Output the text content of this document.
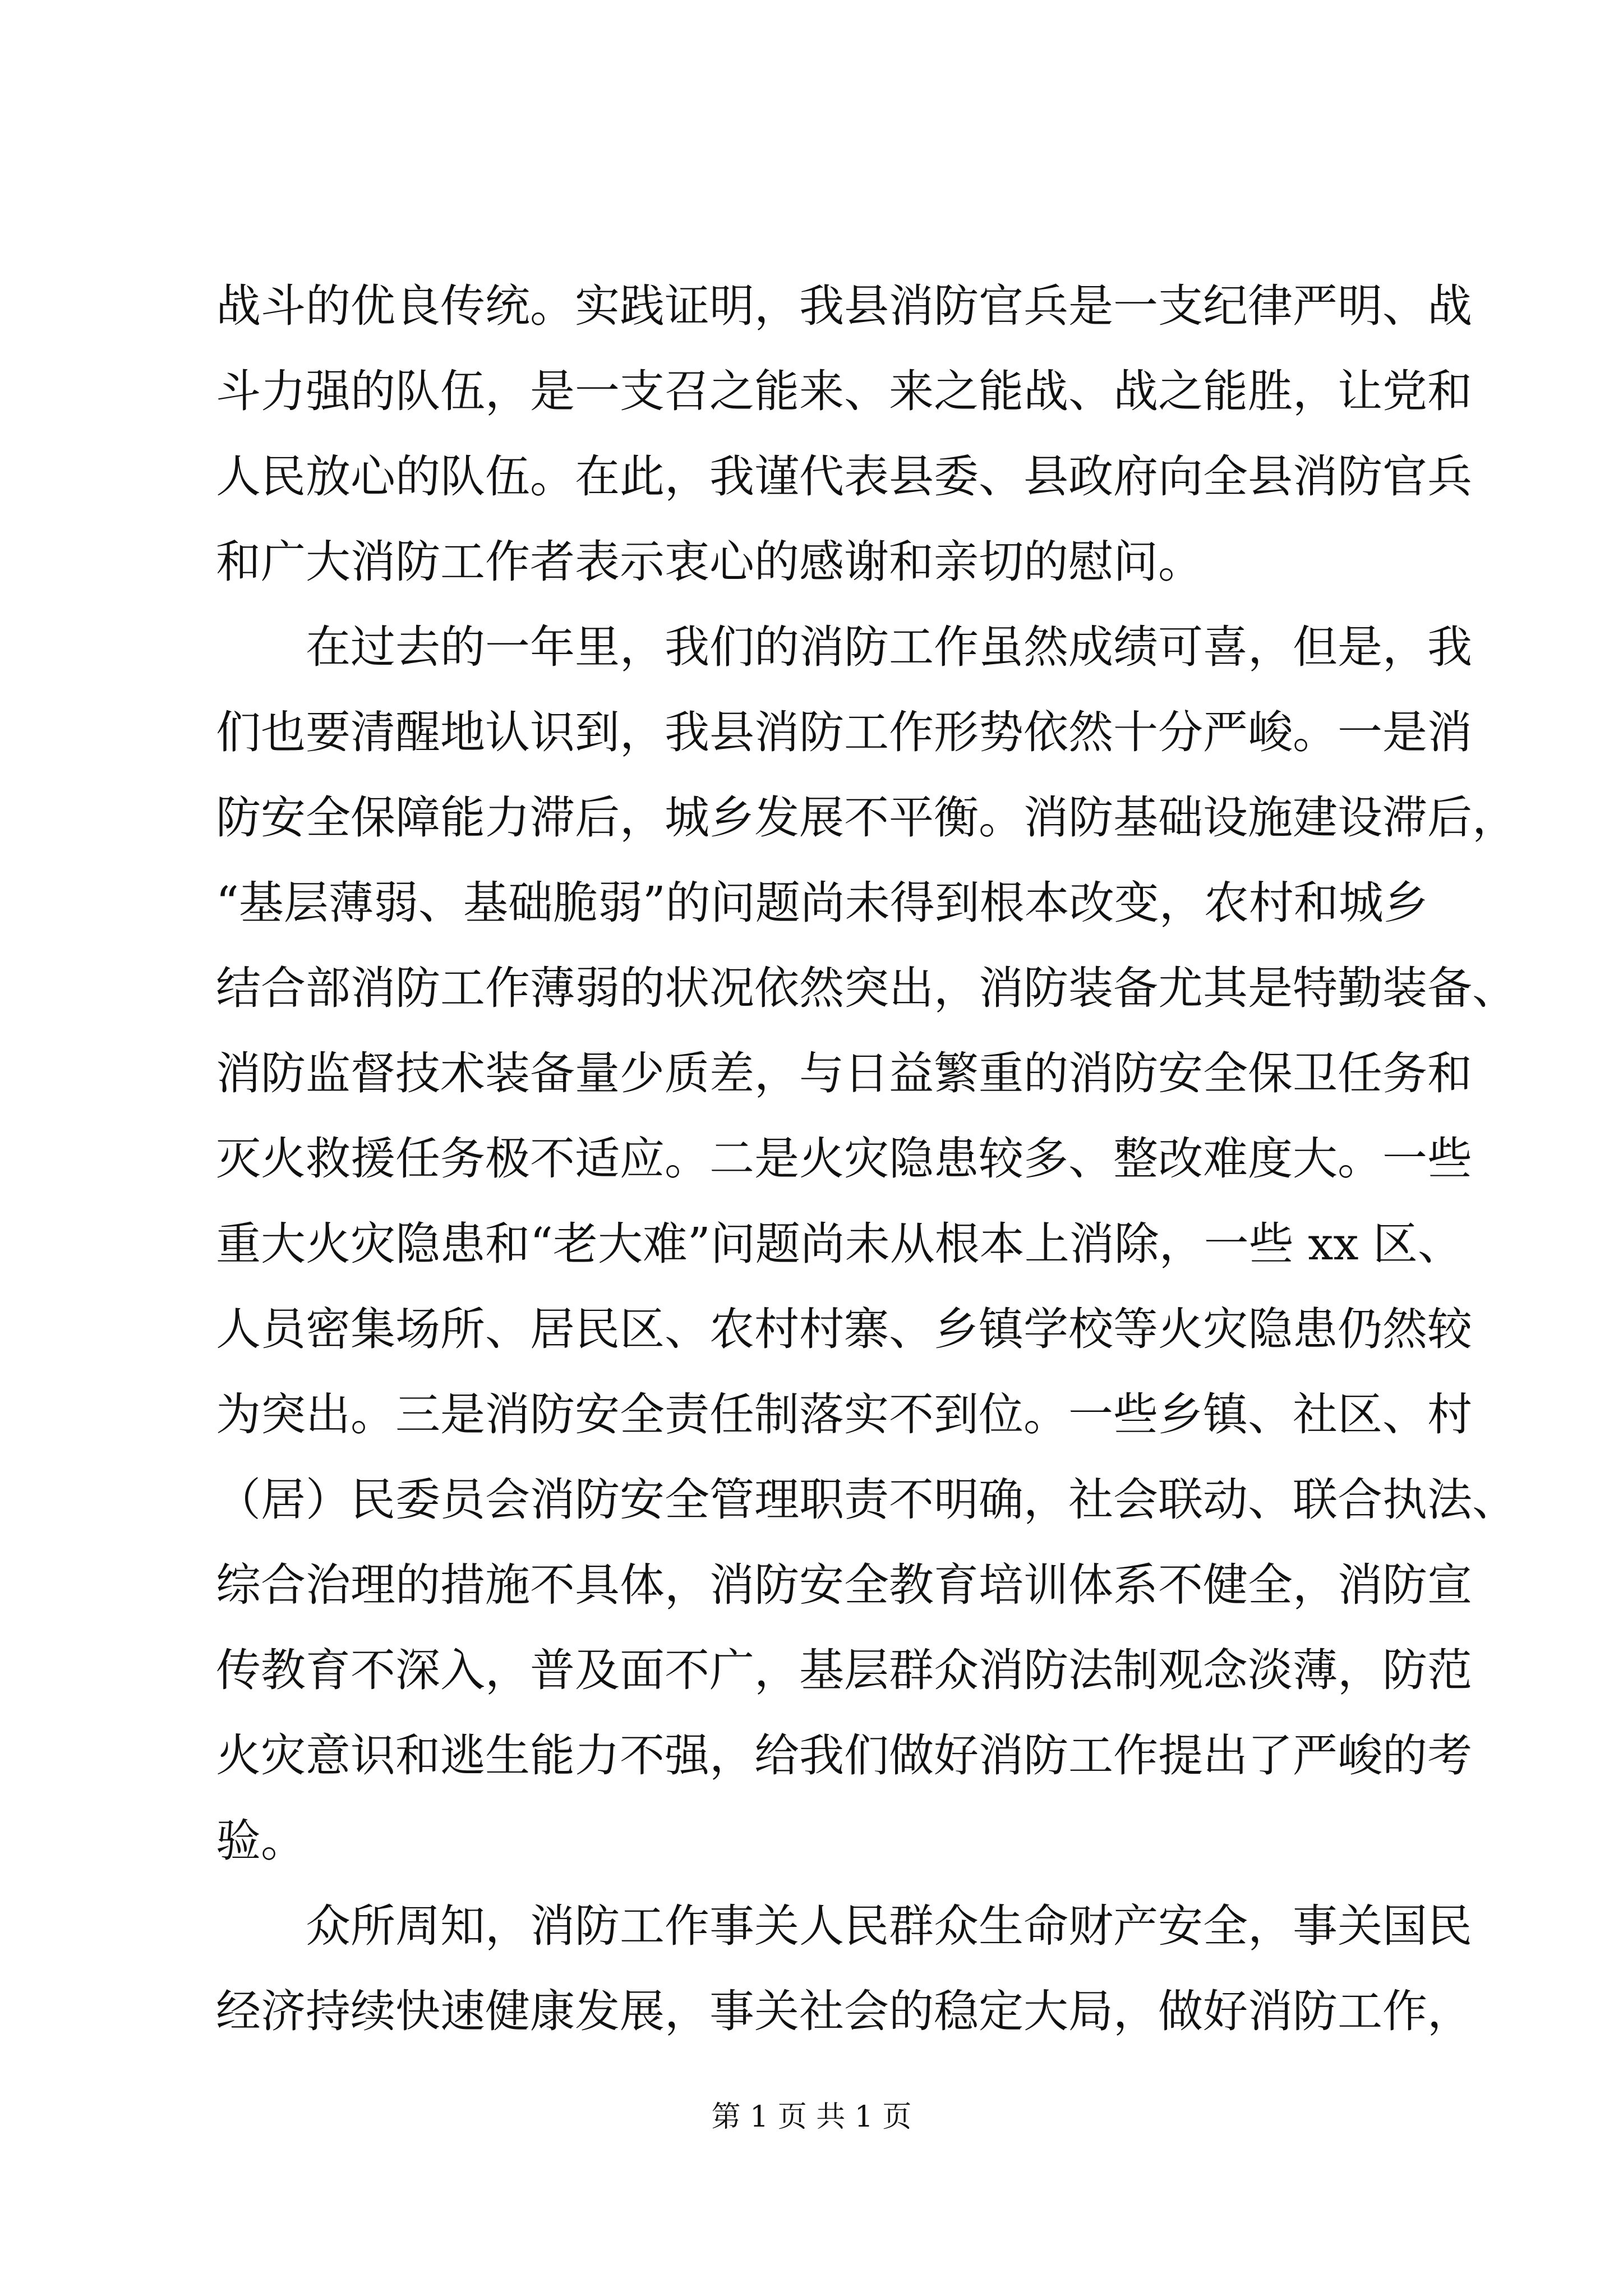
战斗的优良传统。实践证明，我县消防官兵是一支纪律严明、战
斗力强的队伍，是一支召之能来、来之能战、战之能胜，让党和
人民放心的队伍。在此，我谨代表县委、县政府向全县消防官兵
和广大消防工作者表示衷心的感谢和亲切的慰问。
在过去的一年里，我们的消防工作虽然成绩可喜，但是，我
们也要清醒地认识到，我县消防工作形势依然十分严峻。一是消
防安全保障能力滞后，城乡发展不平衡。消防基础设施建设滞后，
“基层薄弱、基础脆弱”的问题尚未得到根本改变，农村和城乡
结合部消防工作薄弱的状况依然突出，消防装备尤其是特勤装备、
消防监督技术装备量少质差，与日益繁重的消防安全保卫任务和
灭火救援任务极不适应。二是火灾隐患较多、整改难度大。一些
重大火灾隐患和“老大难”问题尚未从根本上消除，一些 xx 区、
人员密集场所、居民区、农村村寨、乡镇学校等火灾隐患仍然较
为突出。三是消防安全责任制落实不到位。一些乡镇、社区、村
（居）民委员会消防安全管理职责不明确，社会联动、联合执法、
综合治理的措施不具体，消防安全教育培训体系不健全，消防宣
传教育不深入，普及面不广，基层群众消防法制观念淡薄，防范
火灾意识和逃生能力不强，给我们做好消防工作提出了严峻的考
验。
众所周知，消防工作事关人民群众生命财产安全，事关国民
经济持续快速健康发展，事关社会的稳定大局，做好消防工作，
第 1 页 共 1 页
